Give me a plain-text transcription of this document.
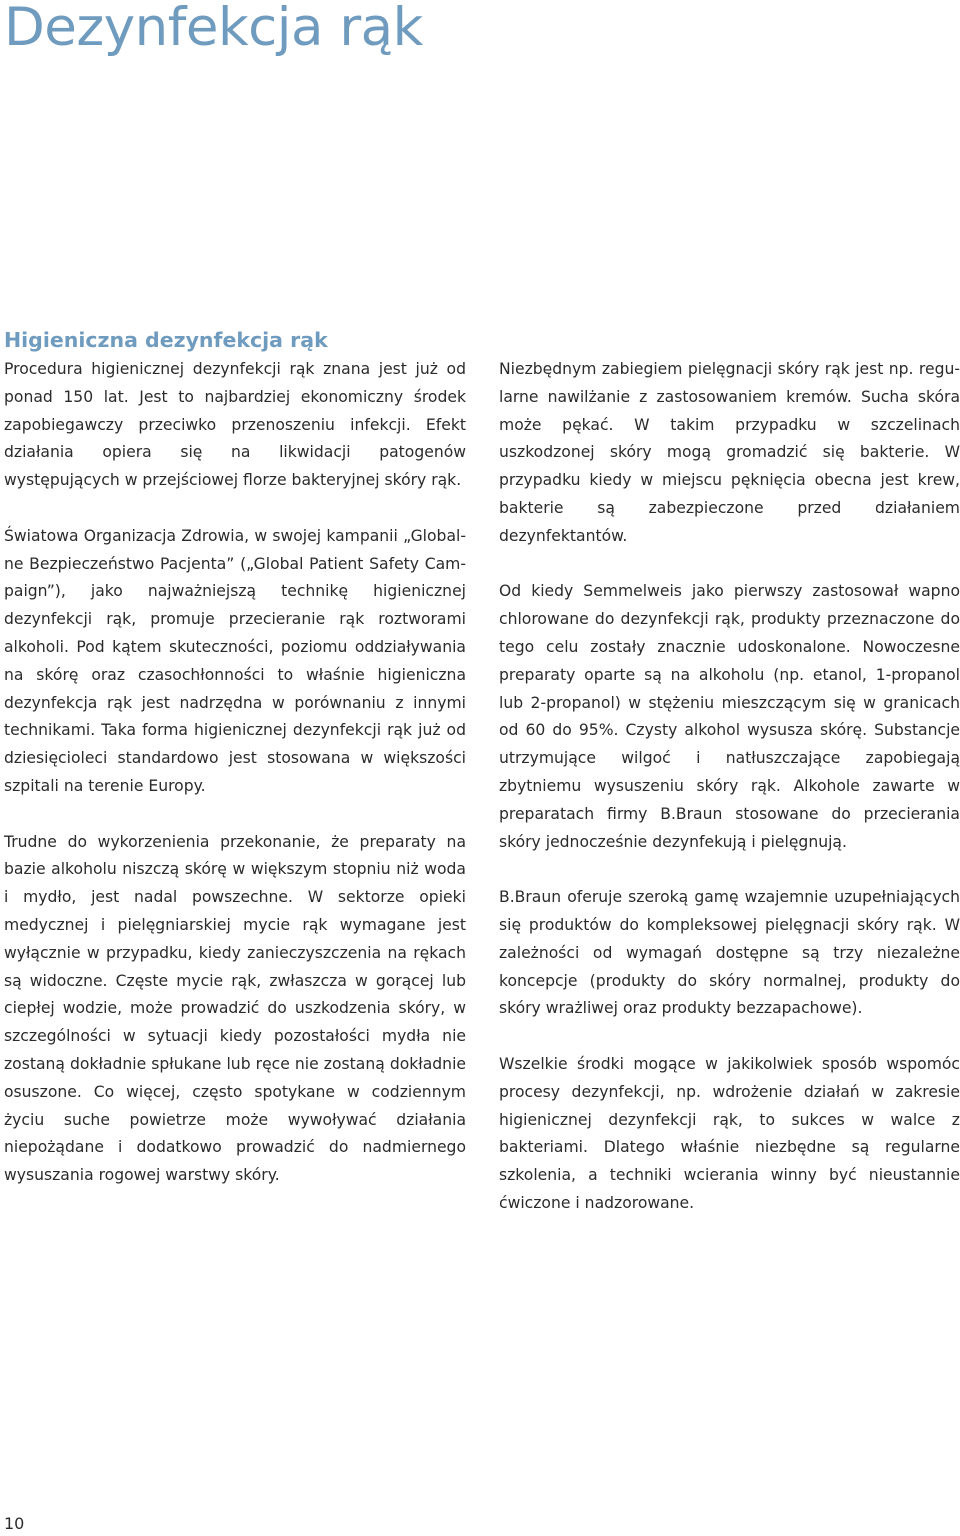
Dezynfekcja rąk
Higieniczna dezynfekcja rąk

Procedura higienicznej dezynfekcji rąk znana jest już od ponad 150 lat. Jest to najbardziej ekonomiczny środek zapobiegawczy przeciwko przenoszeniu infekcji. Efekt działania opiera się na likwidacji patogenów występujących w przejściowej florze bakteryjnej skóry rąk.

Światowa Organizacja Zdrowia, w swojej kampanii „Globalne Bezpieczeństwo Pacjenta” („Global Patient Safety Campaign”), jako najważniejszą technikę higienicznej dezynfekcji rąk, promuje przecieranie rąk roztworami alkoholi. Pod kątem skuteczności, poziomu oddziaływania na skórę oraz czasochłonności to właśnie higieniczna dezynfekcja rąk jest nadrzędna w porównaniu z innymi technikami. Taka forma higienicznej dezynfekcji rąk już od dziesięcioleci standardowo jest stosowana w większości szpitali na terenie Europy.

Trudne do wykorzenienia przekonanie, że preparaty na bazie alkoholu niszczą skórę w większym stopniu niż woda i mydło, jest nadal powszechne. W sektorze opieki medycznej i pielęgniarskiej mycie rąk wymagane jest wyłącznie w przypadku, kiedy zanieczyszczenia na rękach są widoczne. Częste mycie rąk, zwłaszcza w gorącej lub ciepłej wodzie, może prowadzić do uszkodzenia skóry, w szczególności w sytuacji kiedy pozostałości mydła nie zostaną dokładnie spłukane lub ręce nie zostaną dokładnie osuszone. Co więcej, często spotykane w codziennym życiu suche powietrze może wywoływać działania niepożądane i dodatkowo prowadzić do nadmiernego wysuszania rogowej warstwy skóry.

Niezbędnym zabiegiem pielęgnacji skóry rąk jest np. regularne nawilżanie z zastosowaniem kremów. Sucha skóra może pękać. W takim przypadku w szczelinach uszkodzonej skóry mogą gromadzić się bakterie. W przypadku kiedy w miejscu pęknięcia obecna jest krew, bakterie są zabezpieczone przed działaniem dezynfektantów.

Od kiedy Semmelweis jako pierwszy zastosował wapno chlorowane do dezynfekcji rąk, produkty przeznaczone do tego celu zostały znacznie udoskonalone. Nowoczesne preparaty oparte są na alkoholu (np. etanol, 1-propanol lub 2-propanol) w stężeniu mieszczącym się w granicach od 60 do 95%. Czysty alkohol wysusza skórę. Substancje utrzymujące wilgoć i natłuszczające zapobiegają zbytniemu wysuszeniu skóry rąk. Alkohole zawarte w preparatach firmy B.Braun stosowane do przecierania skóry jednocześnie dezynfekują i pielęgnują.

B.Braun oferuje szeroką gamę wzajemnie uzupełniających się produktów do kompleksowej pielęgnacji skóry rąk. W zależności od wymagań dostępne są trzy niezależne koncepcje (produkty do skóry normalnej, produkty do skóry wrażliwej oraz produkty bezzapachowe).

Wszelkie środki mogące w jakikolwiek sposób wspomóc procesy dezynfekcji, np. wdrożenie działań w zakresie higienicznej dezynfekcji rąk, to sukces w walce z bakteriami. Dlatego właśnie niezbędne są regularne szkolenia, a techniki wcierania winny być nieustannie ćwiczone i nadzorowane.

10
